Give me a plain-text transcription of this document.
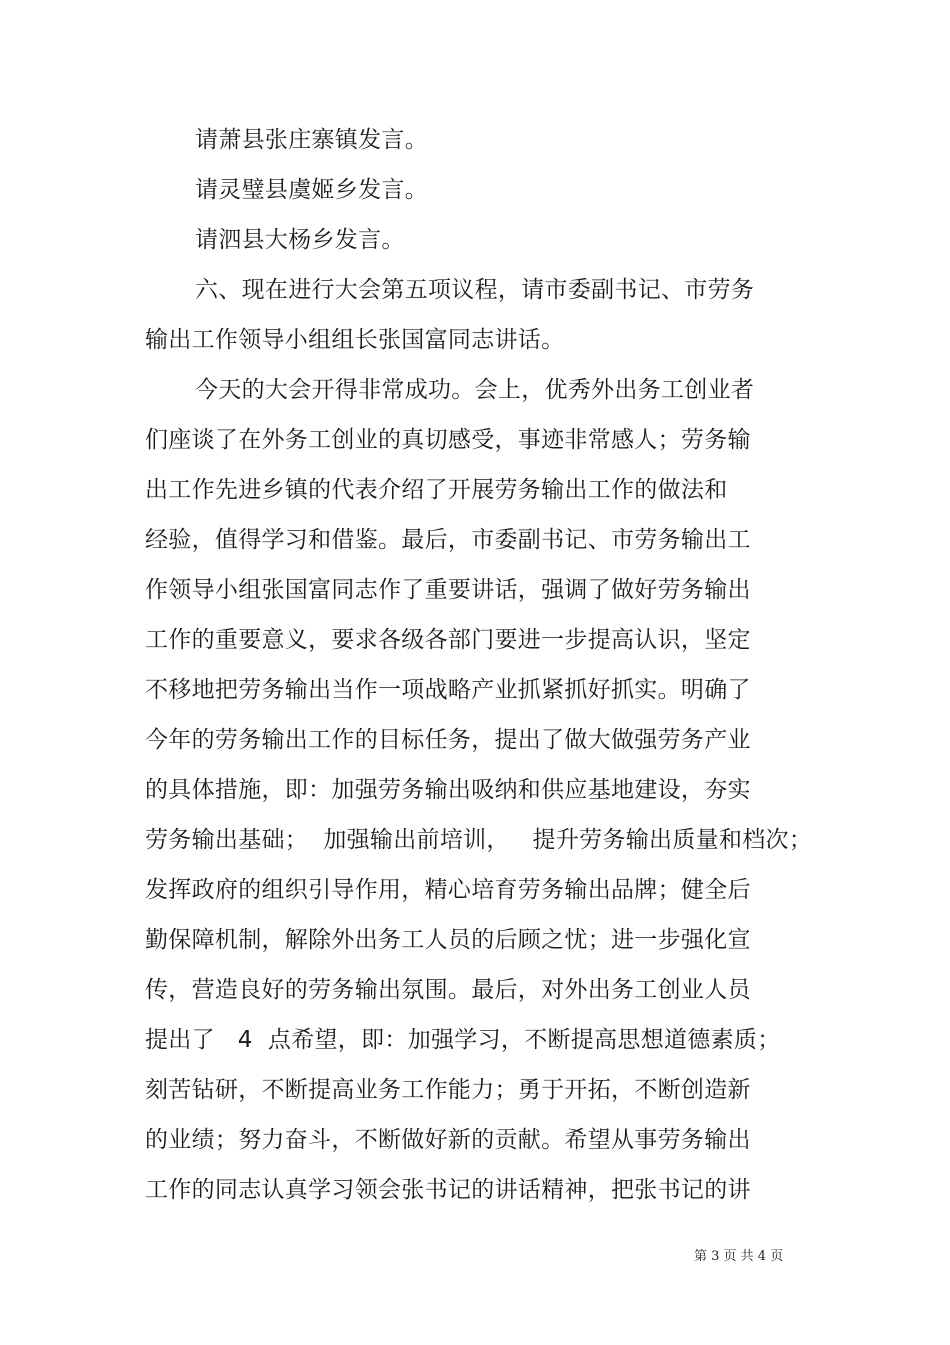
请萧县张庄寨镇发言。
请灵璧县虞姬乡发言。
请泗县大杨乡发言。
六、现在进行大会第五项议程，请市委副书记、市劳务
输出工作领导小组组长张国富同志讲话。
今天的大会开得非常成功。会上，优秀外出务工创业者
们座谈了在外务工创业的真切感受，事迹非常感人；劳务输
出工作先进乡镇的代表介绍了开展劳务输出工作的做法和
经验，值得学习和借鉴。最后，市委副书记、市劳务输出工
作领导小组张国富同志作了重要讲话，强调了做好劳务输出
工作的重要意义，要求各级各部门要进一步提高认识，坚定
不移地把劳务输出当作一项战略产业抓紧抓好抓实。明确了
今年的劳务输出工作的目标任务，提出了做大做强劳务产业
的具体措施，即：加强劳务输出吸纳和供应基地建设，夯实
劳务输出基础；  加强输出前培训，   提升劳务输出质量和档次；
发挥政府的组织引导作用，精心培育劳务输出品牌；健全后
勤保障机制，解除外出务工人员的后顾之忧；进一步强化宣
传，营造良好的劳务输出氛围。最后，对外出务工创业人员
提出了   4  点希望，即：加强学习，不断提高思想道德素质；
刻苦钻研，不断提高业务工作能力；勇于开拓，不断创造新
的业绩；努力奋斗，不断做好新的贡献。希望从事劳务输出
工作的同志认真学习领会张书记的讲话精神，把张书记的讲
第 3 页 共 4 页
